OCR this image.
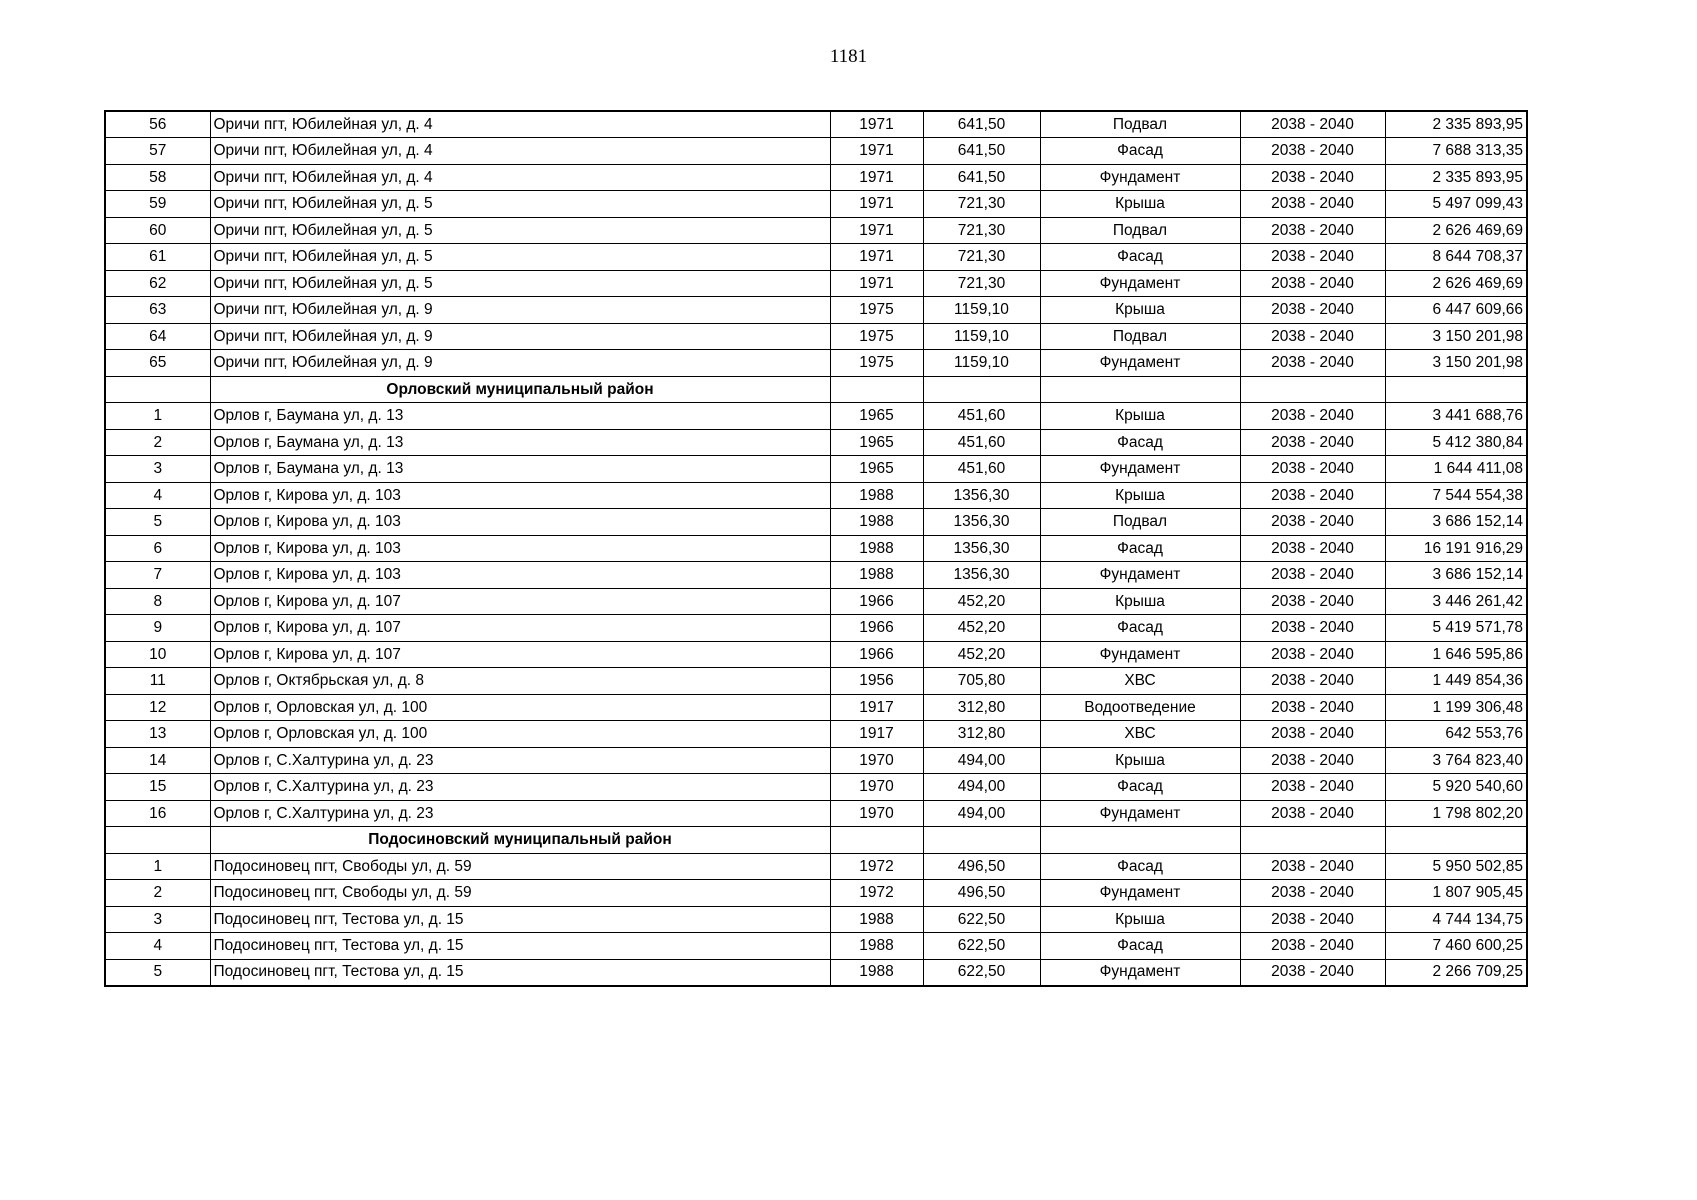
1181
56	Оричи пгт, Юбилейная ул, д. 4	1971	641,50	Подвал	2038 - 2040	2 335 893,95
57	Оричи пгт, Юбилейная ул, д. 4	1971	641,50	Фасад	2038 - 2040	7 688 313,35
58	Оричи пгт, Юбилейная ул, д. 4	1971	641,50	Фундамент	2038 - 2040	2 335 893,95
59	Оричи пгт, Юбилейная ул, д. 5	1971	721,30	Крыша	2038 - 2040	5 497 099,43
60	Оричи пгт, Юбилейная ул, д. 5	1971	721,30	Подвал	2038 - 2040	2 626 469,69
61	Оричи пгт, Юбилейная ул, д. 5	1971	721,30	Фасад	2038 - 2040	8 644 708,37
62	Оричи пгт, Юбилейная ул, д. 5	1971	721,30	Фундамент	2038 - 2040	2 626 469,69
63	Оричи пгт, Юбилейная ул, д. 9	1975	1159,10	Крыша	2038 - 2040	6 447 609,66
64	Оричи пгт, Юбилейная ул, д. 9	1975	1159,10	Подвал	2038 - 2040	3 150 201,98
65	Оричи пгт, Юбилейная ул, д. 9	1975	1159,10	Фундамент	2038 - 2040	3 150 201,98
	Орловский муниципальный район					
1	Орлов г, Баумана ул, д. 13	1965	451,60	Крыша	2038 - 2040	3 441 688,76
2	Орлов г, Баумана ул, д. 13	1965	451,60	Фасад	2038 - 2040	5 412 380,84
3	Орлов г, Баумана ул, д. 13	1965	451,60	Фундамент	2038 - 2040	1 644 411,08
4	Орлов г, Кирова ул, д. 103	1988	1356,30	Крыша	2038 - 2040	7 544 554,38
5	Орлов г, Кирова ул, д. 103	1988	1356,30	Подвал	2038 - 2040	3 686 152,14
6	Орлов г, Кирова ул, д. 103	1988	1356,30	Фасад	2038 - 2040	16 191 916,29
7	Орлов г, Кирова ул, д. 103	1988	1356,30	Фундамент	2038 - 2040	3 686 152,14
8	Орлов г, Кирова ул, д. 107	1966	452,20	Крыша	2038 - 2040	3 446 261,42
9	Орлов г, Кирова ул, д. 107	1966	452,20	Фасад	2038 - 2040	5 419 571,78
10	Орлов г, Кирова ул, д. 107	1966	452,20	Фундамент	2038 - 2040	1 646 595,86
11	Орлов г, Октябрьская ул, д. 8	1956	705,80	ХВС	2038 - 2040	1 449 854,36
12	Орлов г, Орловская ул, д. 100	1917	312,80	Водоотведение	2038 - 2040	1 199 306,48
13	Орлов г, Орловская ул, д. 100	1917	312,80	ХВС	2038 - 2040	642 553,76
14	Орлов г, С.Халтурина ул, д. 23	1970	494,00	Крыша	2038 - 2040	3 764 823,40
15	Орлов г, С.Халтурина ул, д. 23	1970	494,00	Фасад	2038 - 2040	5 920 540,60
16	Орлов г, С.Халтурина ул, д. 23	1970	494,00	Фундамент	2038 - 2040	1 798 802,20
	Подосиновский муниципальный район					
1	Подосиновец пгт, Свободы ул, д. 59	1972	496,50	Фасад	2038 - 2040	5 950 502,85
2	Подосиновец пгт, Свободы ул, д. 59	1972	496,50	Фундамент	2038 - 2040	1 807 905,45
3	Подосиновец пгт, Тестова ул, д. 15	1988	622,50	Крыша	2038 - 2040	4 744 134,75
4	Подосиновец пгт, Тестова ул, д. 15	1988	622,50	Фасад	2038 - 2040	7 460 600,25
5	Подосиновец пгт, Тестова ул, д. 15	1988	622,50	Фундамент	2038 - 2040	2 266 709,25
